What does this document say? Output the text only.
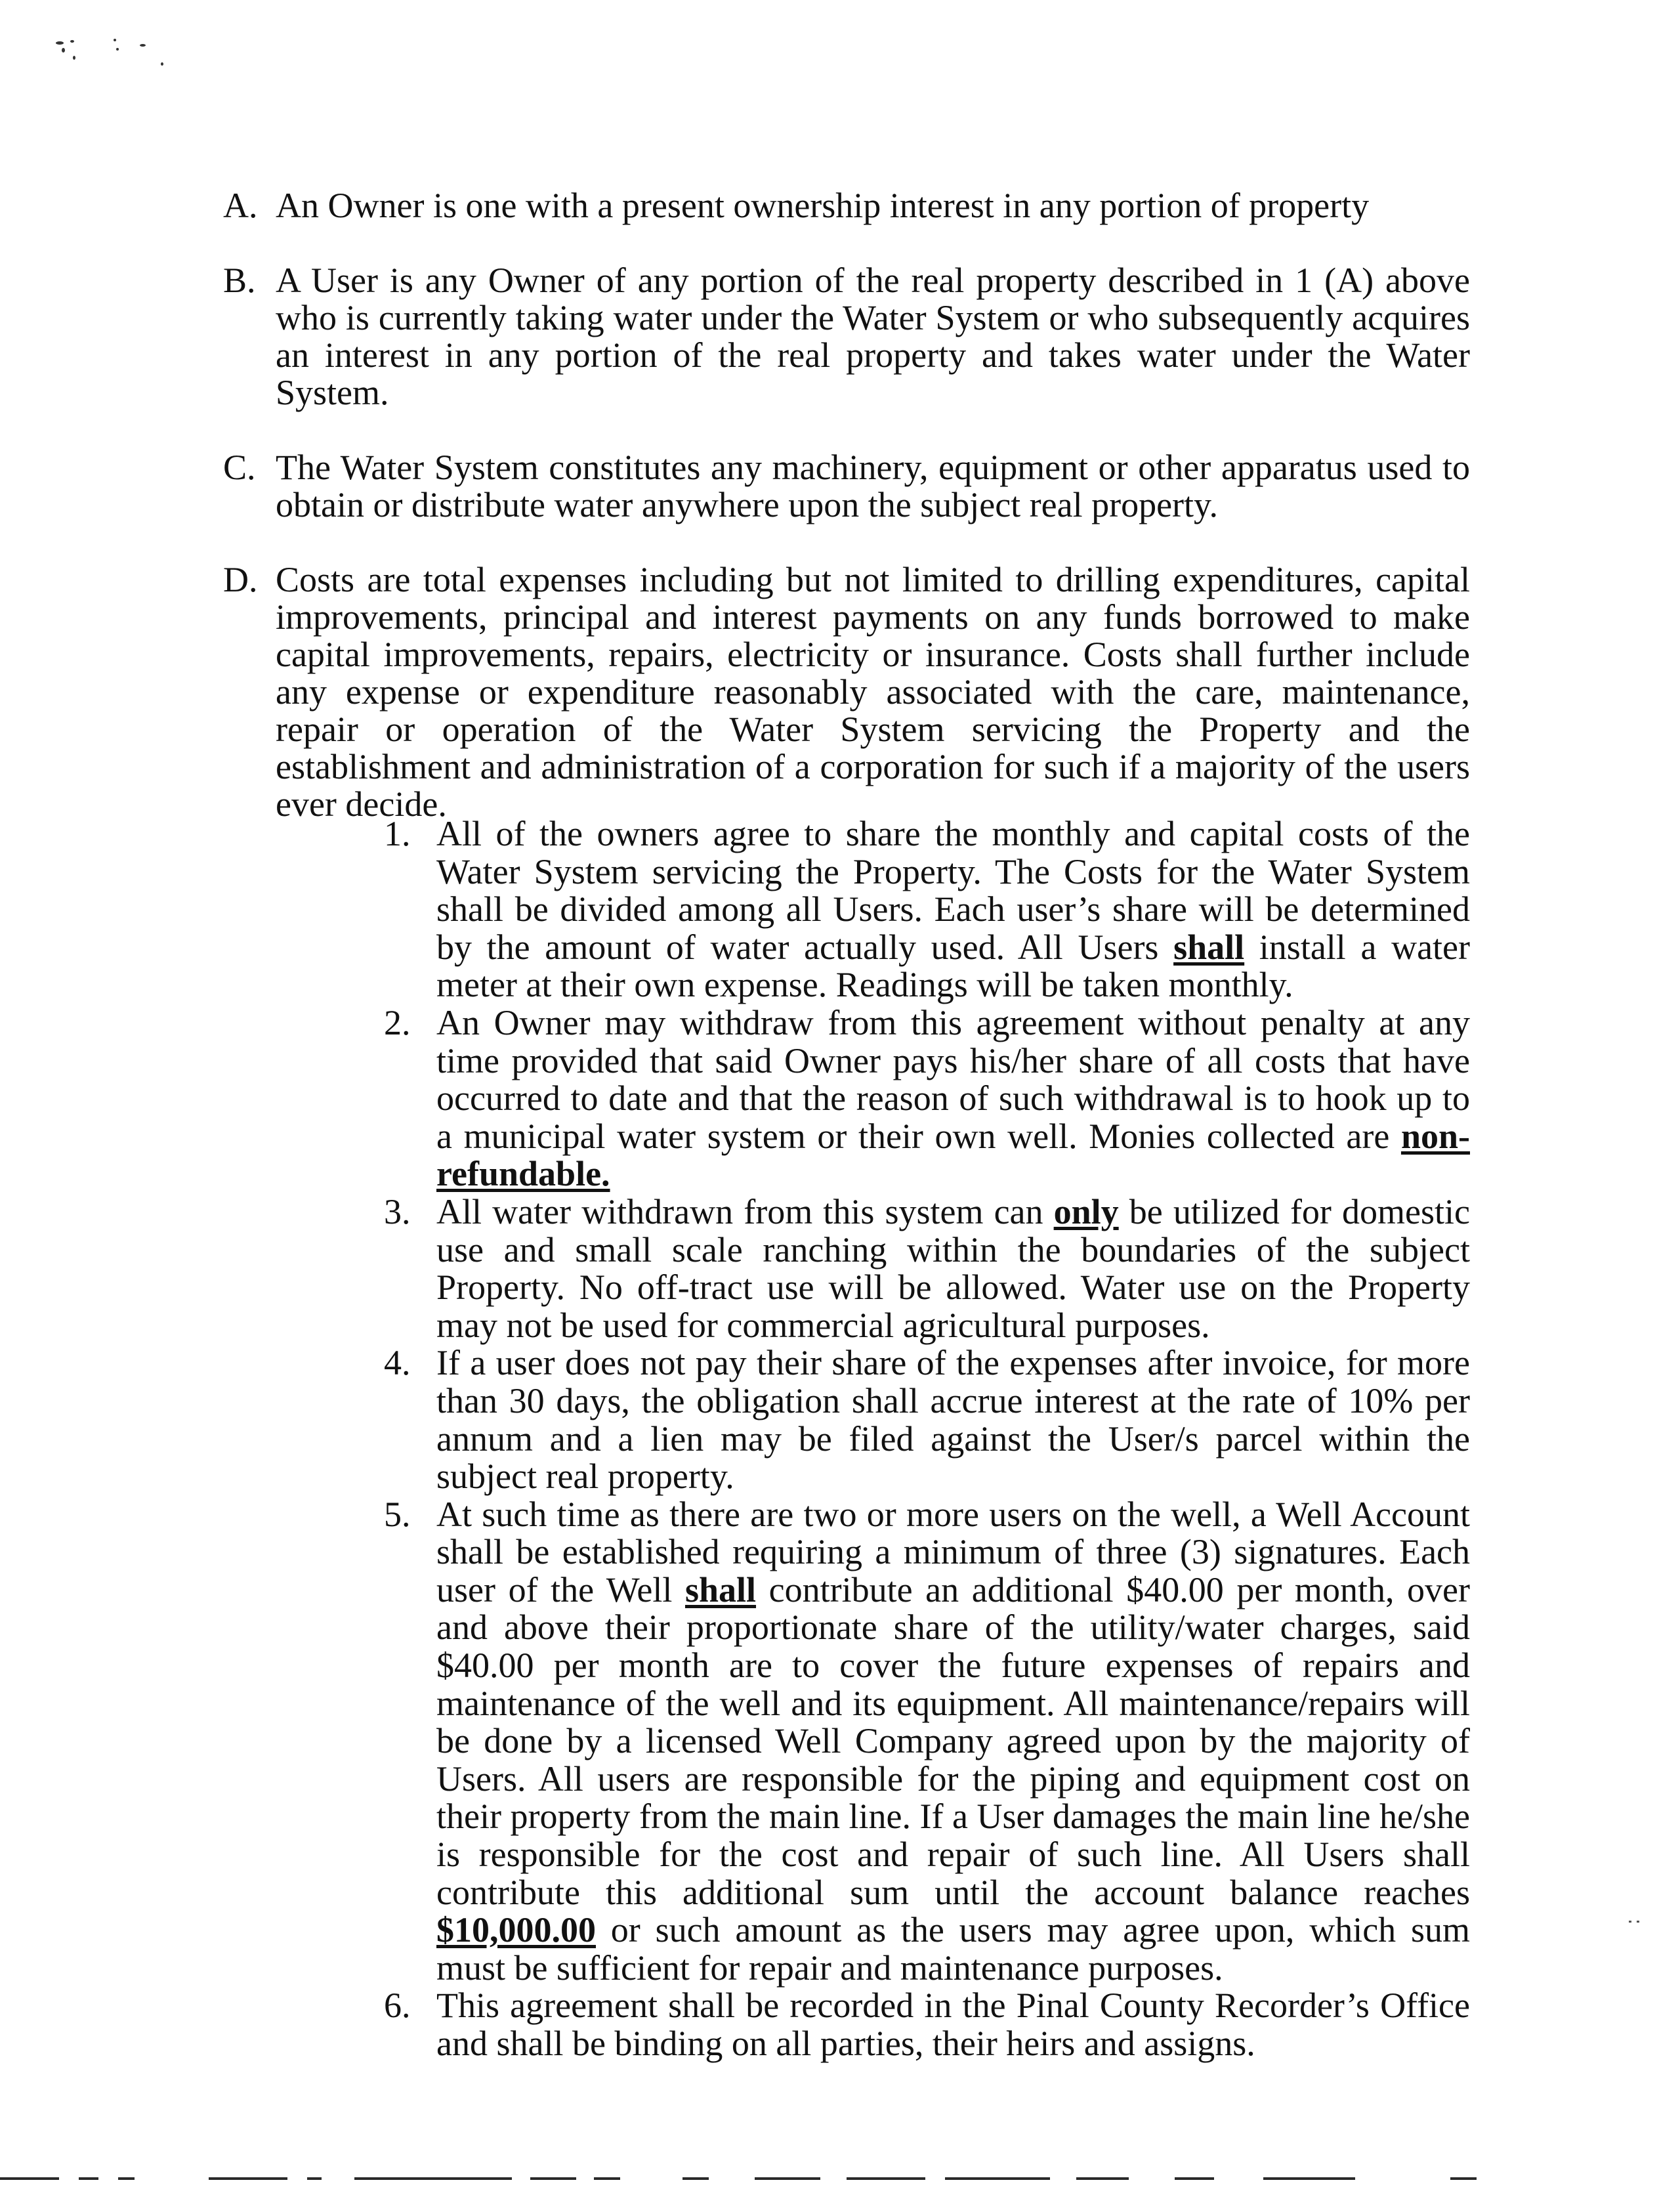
A. An Owner is one with a present ownership interest in any portion of property
B. A User is any Owner of any portion of the real property described in 1 (A) above who is currently taking water under the Water System or who subsequently acquires an interest in any portion of the real property and takes water under the Water System.
C. The Water System constitutes any machinery, equipment or other apparatus used to obtain or distribute water anywhere upon the subject real property.
D. Costs are total expenses including but not limited to drilling expenditures, capital improvements, principal and interest payments on any funds borrowed to make capital improvements, repairs, electricity or insurance. Costs shall further include any expense or expenditure reasonably associated with the care, maintenance, repair or operation of the Water System servicing the Property and the establishment and administration of a corporation for such if a majority of the users ever decide.
1. All of the owners agree to share the monthly and capital costs of the Water System servicing the Property. The Costs for the Water System shall be divided among all Users. Each user’s share will be determined by the amount of water actually used. All Users shall install a water meter at their own expense. Readings will be taken monthly.
2. An Owner may withdraw from this agreement without penalty at any time provided that said Owner pays his/her share of all costs that have occurred to date and that the reason of such withdrawal is to hook up to a municipal water system or their own well. Monies collected are non-refundable.
3. All water withdrawn from this system can only be utilized for domestic use and small scale ranching within the boundaries of the subject Property. No off-tract use will be allowed. Water use on the Property may not be used for commercial agricultural purposes.
4. If a user does not pay their share of the expenses after invoice, for more than 30 days, the obligation shall accrue interest at the rate of 10% per annum and a lien may be filed against the User/s parcel within the subject real property.
5. At such time as there are two or more users on the well, a Well Account shall be established requiring a minimum of three (3) signatures. Each user of the Well shall contribute an additional $40.00 per month, over and above their proportionate share of the utility/water charges, said $40.00 per month are to cover the future expenses of repairs and maintenance of the well and its equipment. All maintenance/repairs will be done by a licensed Well Company agreed upon by the majority of Users. All users are responsible for the piping and equipment cost on their property from the main line. If a User damages the main line he/she is responsible for the cost and repair of such line. All Users shall contribute this additional sum until the account balance reaches $10,000.00 or such amount as the users may agree upon, which sum must be sufficient for repair and maintenance purposes.
6. This agreement shall be recorded in the Pinal County Recorder’s Office and shall be binding on all parties, their heirs and assigns.
